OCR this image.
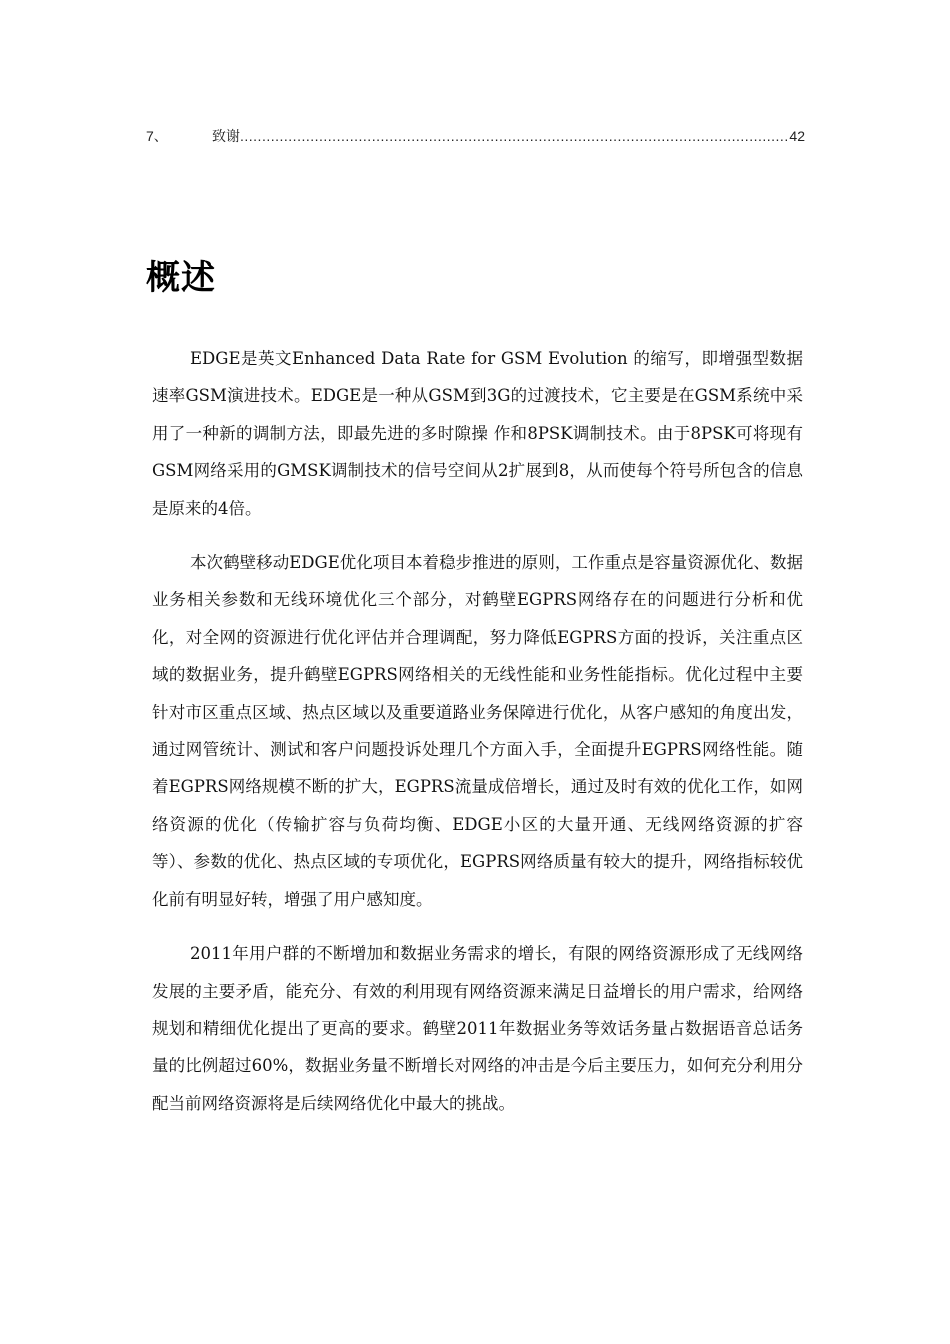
7、	致谢
.....	42
概述

EDGE是英文Enhanced Data Rate for GSM Evolution 的缩写，即增强型数据速率GSM演进技术。EDGE是一种从GSM到3G的过渡技术，它主要是在GSM系统中采用了一种新的调制方法，即最先进的多时隙操 作和8PSK调制技术。由于8PSK可将现有GSM网络采用的GMSK调制技术的信号空间从2扩展到8，从而使每个符号所包含的信息是原来的4倍。

本次鹤壁移动EDGE优化项目本着稳步推进的原则，工作重点是容量资源优化、数据业务相关参数和无线环境优化三个部分，对鹤壁EGPRS网络存在的问题进行分析和优化，对全网的资源进行优化评估并合理调配，努力降低EGPRS方面的投诉，关注重点区域的数据业务，提升鹤壁EGPRS网络相关的无线性能和业务性能指标。优化过程中主要针对市区重点区域、热点区域以及重要道路业务保障进行优化，从客户感知的角度出发，通过网管统计、测试和客户问题投诉处理几个方面入手，全面提升EGPRS网络性能。随着EGPRS网络规模不断的扩大，EGPRS流量成倍增长，通过及时有效的优化工作，如网络资源的优化（传输扩容与负荷均衡、EDGE小区的大量开通、无线网络资源的扩容等）、参数的优化、热点区域的专项优化，EGPRS网络质量有较大的提升，网络指标较优化前有明显好转，增强了用户感知度。

2011年用户群的不断增加和数据业务需求的增长，有限的网络资源形成了无线网络发展的主要矛盾，能充分、有效的利用现有网络资源来满足日益增长的用户需求，给网络规划和精细优化提出了更高的要求。鹤壁2011年数据业务等效话务量占数据语音总话务量的比例超过60%，数据业务量不断增长对网络的冲击是今后主要压力，如何充分利用分配当前网络资源将是后续网络优化中最大的挑战。
